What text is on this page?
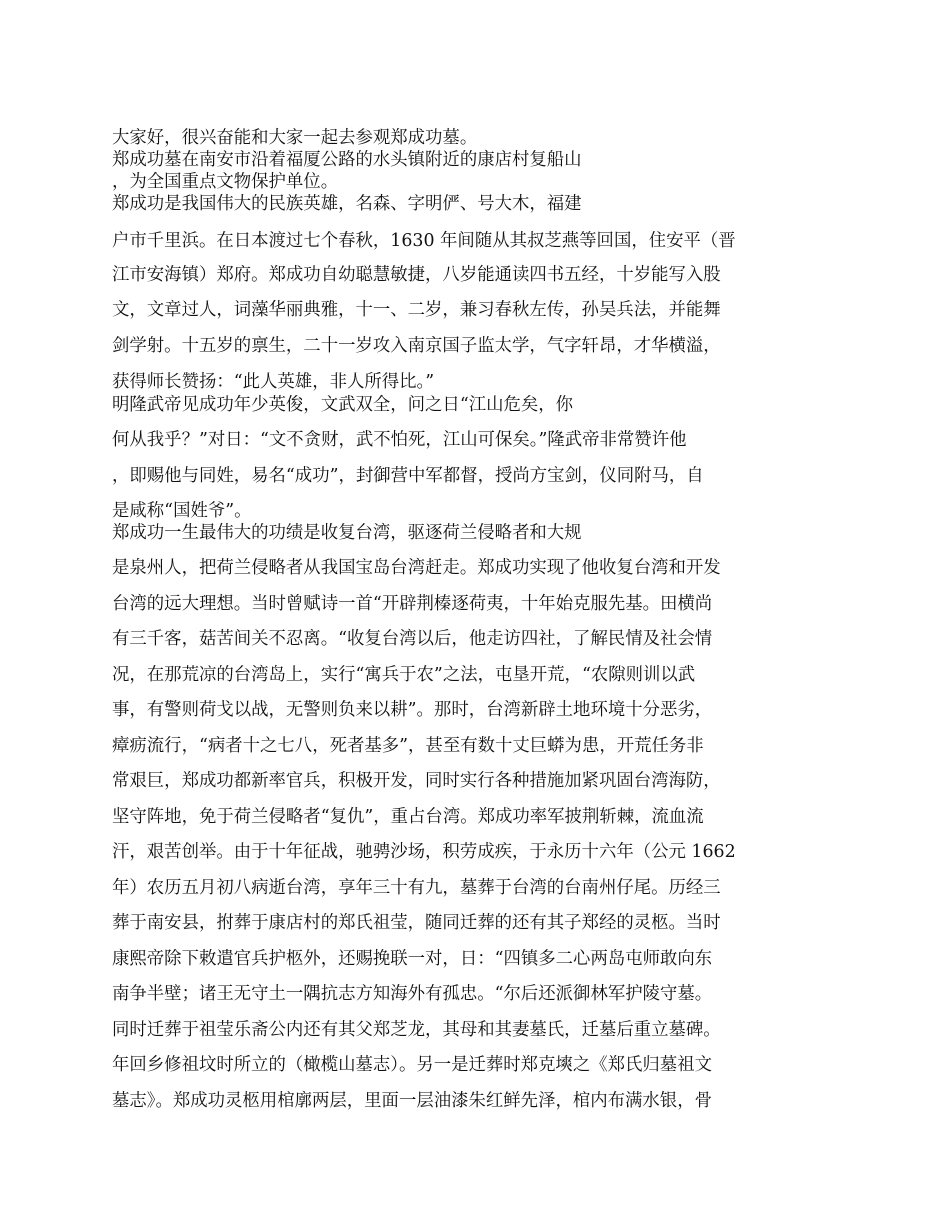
大家好，很兴奋能和大家一起去参观郑成功墓。
郑成功墓在南安市沿着福厦公路的水头镇附近的康店村复船山
，为全国重点文物保护单位。
郑成功是我国伟大的民族英雄，名森、字明俨、号大木，福建
户市千里浜。在日本渡过七个春秋，1630 年间随从其叔芝燕等回国，住安平（晋
江市安海镇）郑府。郑成功自幼聪慧敏捷，八岁能通读四书五经，十岁能写入股
文，文章过人，词藻华丽典雅，十一、二岁，兼习春秋左传，孙吴兵法，并能舞
剑学射。十五岁的禀生，二十一岁攻入南京国子监太学，气字轩昂，才华横溢，
获得师长赞扬：“此人英雄，非人所得比。”
明隆武帝见成功年少英俊，文武双全，问之日“江山危矣，你
何从我乎？”对日：“文不贪财，武不怕死，江山可保矣。”隆武帝非常赞许他
，即赐他与同姓，易名“成功”，封御营中军都督，授尚方宝剑，仪同附马，自
是咸称“国姓爷”。
郑成功一生最伟大的功绩是收复台湾，驱逐荷兰侵略者和大规
是泉州人，把荷兰侵略者从我国宝岛台湾赶走。郑成功实现了他收复台湾和开发
台湾的远大理想。当时曾赋诗一首“开辟荆榛逐荷夷，十年始克服先基。田横尚
有三千客，菇苦间关不忍离。“收复台湾以后，他走访四社，了解民情及社会情
况，在那荒凉的台湾岛上，实行“寓兵于农”之法，屯垦开荒，“农隙则训以武
事，有警则荷戈以战，无警则负来以耕”。那时，台湾新辟土地环境十分恶劣，
瘴疬流行，“病者十之七八，死者基多”，甚至有数十丈巨蟒为患，开荒任务非
常艰巨，郑成功都新率官兵，积极开发，同时实行各种措施加紧巩固台湾海防，
坚守阵地，免于荷兰侵略者“复仇”，重占台湾。郑成功率军披荆斩棘，流血流
汗，艰苦创举。由于十年征战，驰骋沙场，积劳成疾，于永历十六年（公元 1662
年）农历五月初八病逝台湾，享年三十有九，墓葬于台湾的台南州仔尾。历经三
葬于南安县，拊葬于康店村的郑氏祖莹，随同迁葬的还有其子郑经的灵柩。当时
康熙帝除下敕遣官兵护柩外，还赐挽联一对，日：“四镇多二心两岛屯师敢向东
南争半壁；诸王无守土一隅抗志方知海外有孤忠。“尔后还派御林军护陵守墓。
同时迁葬于祖莹乐斋公内还有其父郑芝龙，其母和其妻墓氏，迁墓后重立墓碑。
年回乡修祖坟时所立的（橄榄山墓志）。另一是迁葬时郑克塽之《郑氏归墓祖文
墓志》。郑成功灵柩用棺廓两层，里面一层油漆朱红鲜先泽，棺内布满水银，骨
